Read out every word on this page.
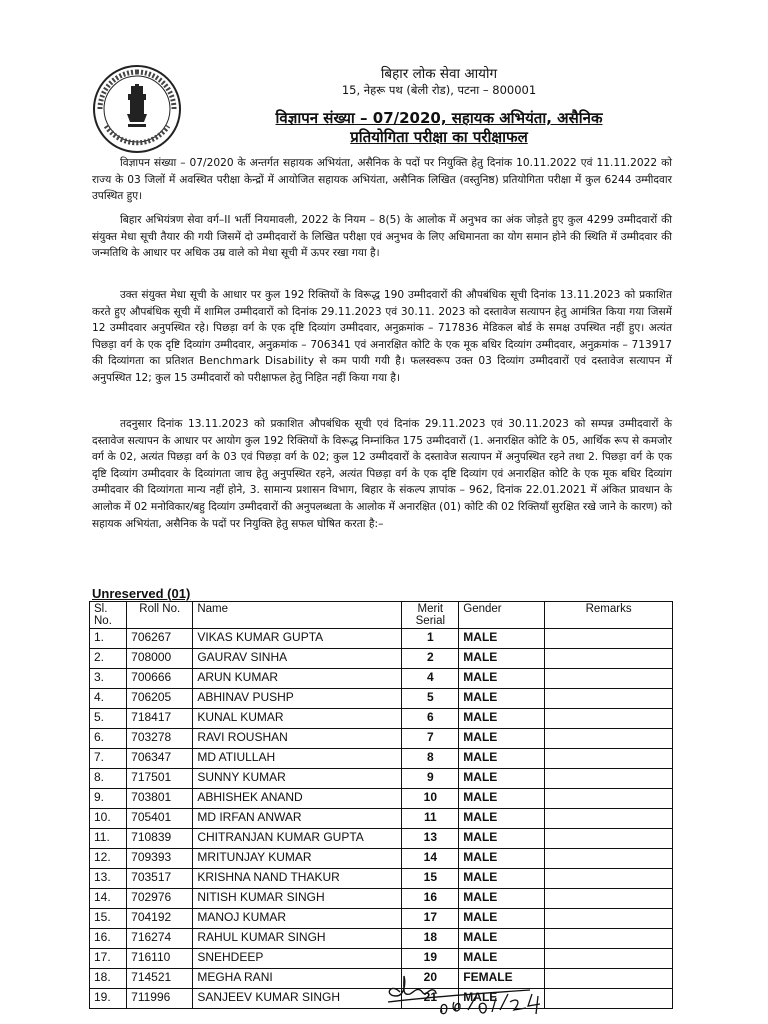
बिहार लोक सेवा आयोग
15, नेहरू पथ (बेली रोड), पटना – 800001
विज्ञापन संख्या – 07/2020, सहायक अभियंता, असैनिक
प्रतियोगिता परीक्षा का परीक्षाफल

विज्ञापन संख्या – 07/2020 के अन्तर्गत सहायक अभियंता, असैनिक के पदों पर नियुक्ति हेतु दिनांक 10.11.2022 एवं 11.11.2022 को राज्य के 03 जिलों में अवस्थित परीक्षा केन्द्रों में आयोजित सहायक अभियंता, असैनिक लिखित (वस्तुनिष्ठ) प्रतियोगिता परीक्षा में कुल 6244 उम्मीदवार उपस्थित हुए।

बिहार अभियंत्रण सेवा वर्ग–II भर्ती नियमावली, 2022 के नियम – 8(5) के आलोक में अनुभव का अंक जोड़ते हुए कुल 4299 उम्मीदवारों की संयुक्त मेधा सूची तैयार की गयी जिसमें दो उम्मीदवारों के लिखित परीक्षा एवं अनुभव के लिए अधिमानता का योग समान होने की स्थिति में उम्मीदवार की जन्मतिथि के आधार पर अधिक उम्र वाले को मेधा सूची में ऊपर रखा गया है।

उक्त संयुक्त मेधा सूची के आधार पर कुल 192 रिक्तियों के विरूद्ध 190 उम्मीदवारों की औपबंधिक सूची दिनांक 13.11.2023 को प्रकाशित करते हुए औपबंधिक सूची में शामिल उम्मीदवारों को दिनांक 29.11.2023 एवं 30.11. 2023 को दस्तावेज सत्यापन हेतु आमंत्रित किया गया जिसमें 12 उम्मीदवार अनुपस्थित रहे। पिछड़ा वर्ग के एक दृष्टि दिव्यांग उम्मीदवार, अनुक्रमांक – 717836 मेडिकल बोर्ड के समक्ष उपस्थित नहीं हुए। अत्यंत पिछड़ा वर्ग के एक दृष्टि दिव्यांग उम्मीदवार, अनुक्रमांक – 706341 एवं अनारक्षित कोटि के एक मूक बधिर दिव्यांग उम्मीदवार, अनुक्रमांक – 713917 की दिव्यांगता का प्रतिशत Benchmark Disability से कम पायी गयी है। फलस्वरूप उक्त 03 दिव्यांग उम्मीदवारों एवं दस्तावेज सत्यापन में अनुपस्थित 12; कुल 15 उम्मीदवारों को परीक्षाफल हेतु निहित नहीं किया गया है।

तदनुसार दिनांक 13.11.2023 को प्रकाशित औपबंधिक सूची एवं दिनांक 29.11.2023 एवं 30.11.2023 को सम्पन्न उम्मीदवारों के दस्तावेज सत्यापन के आधार पर आयोग कुल 192 रिक्तियों के विरूद्ध निम्नांकित 175 उम्मीदवारों (1. अनारक्षित कोटि के 05, आर्थिक रूप से कमजोर वर्ग के 02, अत्यंत पिछड़ा वर्ग के 03 एवं पिछड़ा वर्ग के 02; कुल 12 उम्मीदवारों के दस्तावेज सत्यापन में अनुपस्थित रहने तथा 2. पिछड़ा वर्ग के एक दृष्टि दिव्यांग उम्मीदवार के दिव्यांगता जाच हेतु अनुपस्थित रहने, अत्यंत पिछड़ा वर्ग के एक दृष्टि दिव्यांग एवं अनारक्षित कोटि के एक मूक बधिर दिव्यांग उम्मीदवार की दिव्यांगता मान्य नहीं होने, 3. सामान्य प्रशासन विभाग, बिहार के संकल्प ज्ञापांक – 962, दिनांक 22.01.2021 में अंकित प्रावधान के आलोक में 02 मनोविकार/बहु दिव्यांग उम्मीदवारों की अनुपलब्धता के आलोक में अनारक्षित (01) कोटि की 02 रिक्तियाँ सुरक्षित रखे जाने के कारण) को सहायक अभियंता, असैनिक के पदों पर नियुक्ति हेतु सफल घोषित करता है:–

Unreserved (01)
Sl. No.	Roll No.	Name	Merit Serial	Gender	Remarks
1.	706267	VIKAS KUMAR GUPTA	1	MALE	
2.	708000	GAURAV SINHA	2	MALE	
3.	700666	ARUN KUMAR	4	MALE	
4.	706205	ABHINAV PUSHP	5	MALE	
5.	718417	KUNAL KUMAR	6	MALE	
6.	703278	RAVI ROUSHAN	7	MALE	
7.	706347	MD ATIULLAH	8	MALE	
8.	717501	SUNNY KUMAR	9	MALE	
9.	703801	ABHISHEK ANAND	10	MALE	
10.	705401	MD IRFAN ANWAR	11	MALE	
11.	710839	CHITRANJAN KUMAR GUPTA	13	MALE	
12.	709393	MRITUNJAY KUMAR	14	MALE	
13.	703517	KRISHNA NAND THAKUR	15	MALE	
14.	702976	NITISH KUMAR SINGH	16	MALE	
15.	704192	MANOJ KUMAR	17	MALE	
16.	716274	RAHUL KUMAR SINGH	18	MALE	
17.	716110	SNEHDEEP	19	MALE	
18.	714521	MEGHA RANI	20	FEMALE	
19.	711996	SANJEEV KUMAR SINGH	21	MALE	
